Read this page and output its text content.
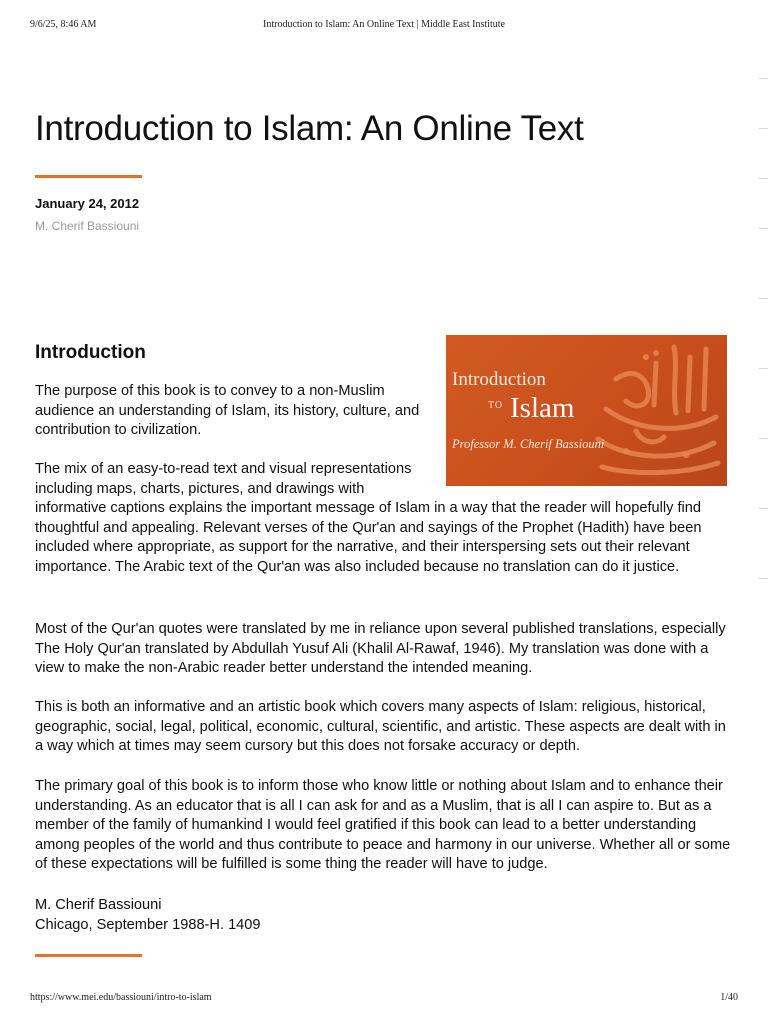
9/6/25, 8:46 AM	Introduction to Islam: An Online Text | Middle East Institute
Introduction to Islam: An Online Text
January 24, 2012
M. Cherif Bassiouni
Introduction
Introduction
TO Islam
Professor M. Cherif Bassiouni

The purpose of this book is to convey to a non-Muslim audience an understanding of Islam, its history, culture, and contribution to civilization.

The mix of an easy-to-read text and visual representations including maps, charts, pictures, and drawings with informative captions explains the important message of Islam in a way that the reader will hopefully find thoughtful and appealing. Relevant verses of the Qur'an and sayings of the Prophet (Hadith) have been included where appropriate, as support for the narrative, and their interspersing sets out their relevant importance. The Arabic text of the Qur'an was also included because no translation can do it justice.

Most of the Qur'an quotes were translated by me in reliance upon several published translations, especially The Holy Qur'an translated by Abdullah Yusuf Ali (Khalil Al-Rawaf, 1946). My translation was done with a view to make the non-Arabic reader better understand the intended meaning.

This is both an informative and an artistic book which covers many aspects of Islam: religious, historical, geographic, social, legal, political, economic, cultural, scientific, and artistic. These aspects are dealt with in a way which at times may seem cursory but this does not forsake accuracy or depth.

The primary goal of this book is to inform those who know little or nothing about Islam and to enhance their understanding. As an educator that is all I can ask for and as a Muslim, that is all I can aspire to. But as a member of the family of humankind I would feel gratified if this book can lead to a better understanding among peoples of the world and thus contribute to peace and harmony in our universe. Whether all or some of these expectations will be fulfilled is some thing the reader will have to judge.

M. Cherif Bassiouni
Chicago, September 1988-H. 1409
https://www.mei.edu/bassiouni/intro-to-islam	1/40
